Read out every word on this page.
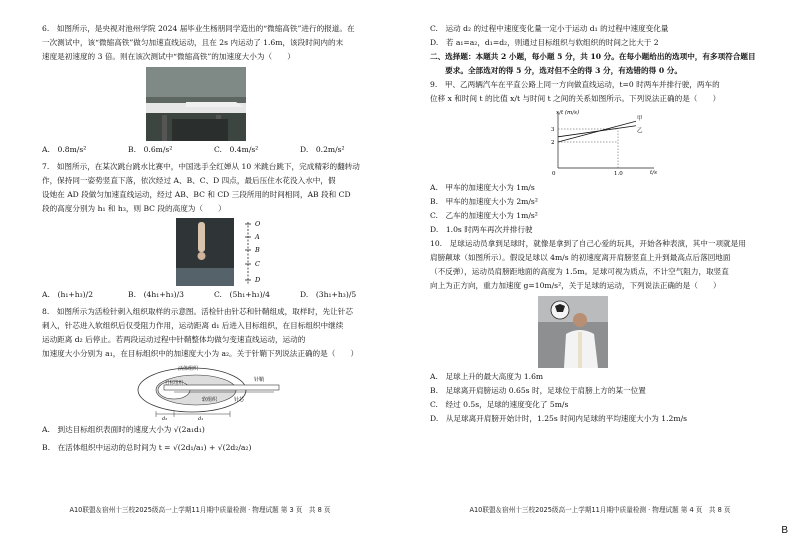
6.　如图所示，是央视对池州学院 2024 届毕业生杨朋同学造出的“微缩高铁”进行的报道。在

一次测试中，该“微缩高铁”做匀加速直线运动，且在 2s 内运动了 1.6m，该段时间内的末

速度是初速度的 3 倍。则在该次测试中“微缩高铁”的加速度大小为（　　）

A.　0.8m/s²	B.　0.6m/s²	C.　0.4m/s²	D.　0.2m/s²

7.　如图所示，在某次跳台跳水比赛中，中国选手全红婵从 10 米跳台跳下，完成精彩的翻转动

作，保持同一姿势竖直下落，依次经过 A、B、C、D 四点，最后压住水花没入水中，假

设她在 AD 段做匀加速直线运动，经过 AB、BC 和 CD 三段所用的时间相同，AB 段和 CD

段的高度分别为 h₁ 和 h₃，则 BC 段的高度为（　　）

O
A
B
C
D
A.　(h₁+h₃)/2	B.　(4h₁+h₃)/3	C.　(5h₁+h₃)/4	D.　(3h₁+h₃)/5

8.　如图所示为活检针刺入组织取样的示意图。活检针由针芯和针鞘组成，取样时，先让针芯

刺入，针芯进入软组织后仅受阻力作用，运动距离 d₁ 后进入目标组织，在目标组织中继续

运动距离 d₂ 后停止。若两段运动过程中针鞘整体均做匀变速直线运动，运动的

加速度大小分别为 a₁，在目标组织中的加速度大小为 a₂。关于针鞘下列说法正确的是（　　）

活体组织
目标组织
软组织
针鞘
针芯
d₂	d₁

A.　到达目标组织表面时的速度大小为 √(2a₁d₁)

B.　在活体组织中运动的总时间为 t = √(2d₁/a₁) + √(2d₂/a₂)

A10联盟＆宿州十三校2025级高一上学期11月期中质量检测 · 物理试题 第 3 页　共 8 页

C.　运动 d₂ 的过程中速度变化量一定小于运动 d₁ 的过程中速度变化量

D.　若 a₁=a₂，d₁=d₂，则通过目标组织与软组织的时间之比大于 2

二、选择题：本题共 2 小题，每小题 5 分，共 10 分。在每小题给出的选项中，有多项符合题目

　　要求。全部选对的得 5 分，选对但不全的得 3 分，有选错的得 0 分。

9.　甲、乙两辆汽车在平直公路上同一方向做直线运动，t=0 时两车并排行驶，两车的

位移 x 和时间 t 的比值 x/t 与时间 t 之间的关系如图所示。下列说法正确的是（　　）

0	1.0
2
3
甲
乙
x/t (m/s)
t/s

A.　甲车的加速度大小为 1m/s

B.　甲车的加速度大小为 2m/s²

C.　乙车的加速度大小为 1m/s²

D.　1.0s 时两车再次并排行驶

10.　足球运动员拿到足球时，就像是拿到了自己心爱的玩具，开始各种表演，其中一项就是用

肩膀颠球（如图所示）。假设足球以 4m/s 的初速度离开肩膀竖直上升到最高点后落回地面

（不反弹），运动员肩膀距地面的高度为 1.5m。足球可视为质点，不计空气阻力，取竖直

向上为正方向，重力加速度 g=10m/s²，关于足球的运动，下列说法正确的是（　　）

A.　足球上升的最大高度为 1.6m

B.　足球离开肩膀运动 0.65s 时，足球位于肩膀上方的某一位置

C.　经过 0.5s，足球的速度变化了 5m/s

D.　从足球离开肩膀开始计时，1.25s 时间内足球的平均速度大小为 1.2m/s

A10联盟＆宿州十三校2025级高一上学期11月期中质量检测 · 物理试题 第 4 页　共 8 页
B
